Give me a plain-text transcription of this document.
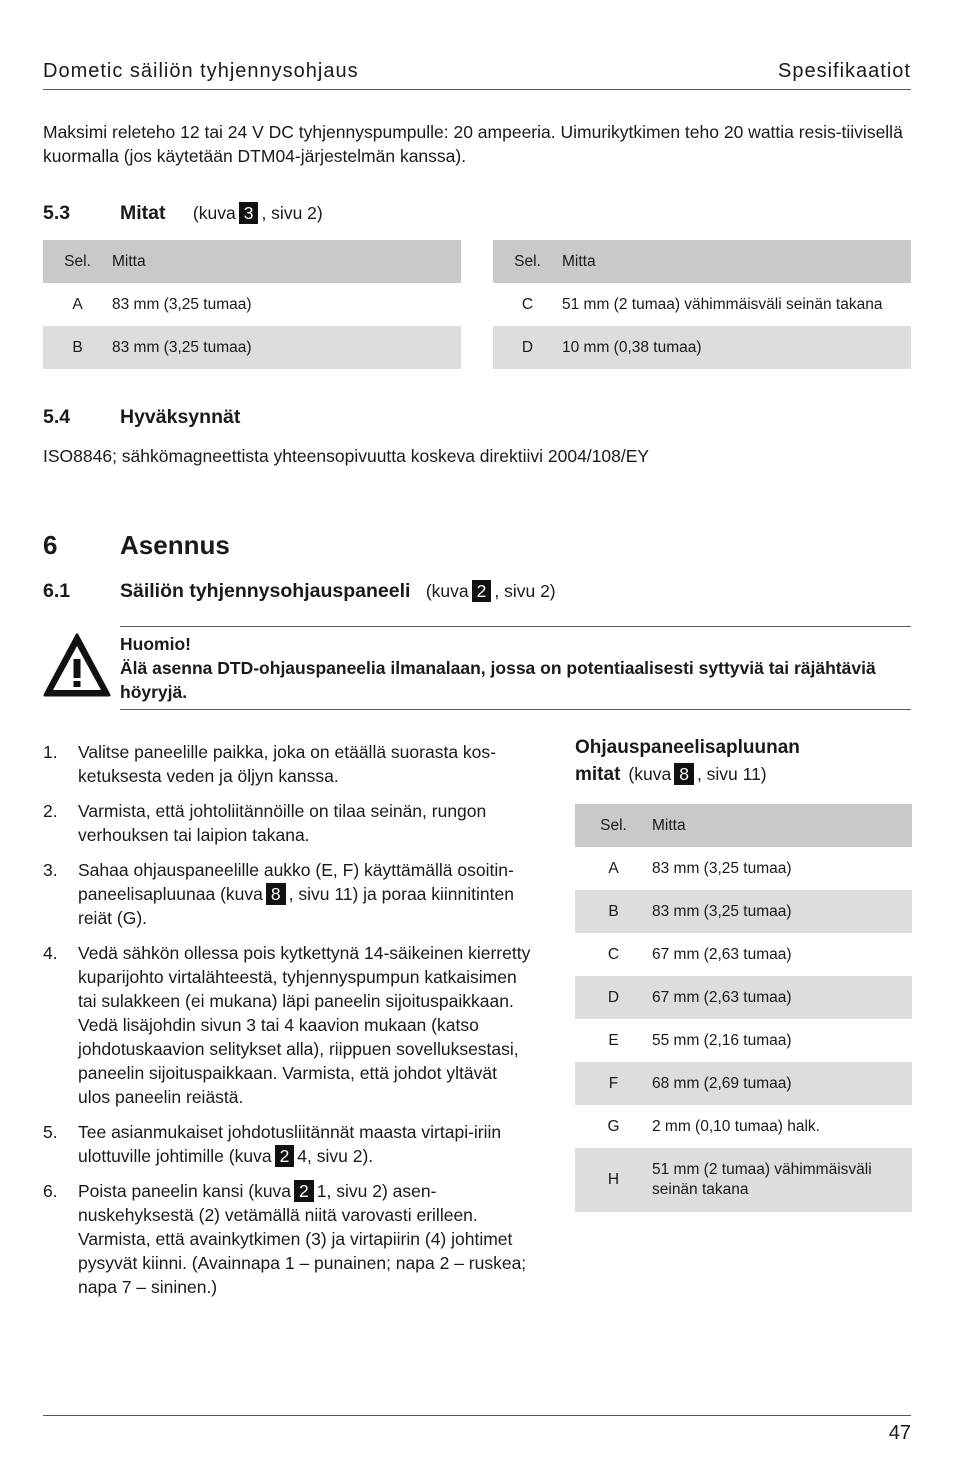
Dometic säiliön tyhjennysohjaus	Spesifikaatiot
Maksimi releteho 12 tai 24 V DC tyhjennyspumpulle: 20 ampeeria. Uimurikytkimen teho 20 wattia resis-tiivisellä kuormalla (jos käytetään DTM04-järjestelmän kanssa).
5.3	Mitat (kuva 3 , sivu 2)
Sel.	Mitta
A	83 mm (3,25 tumaa)
B	83 mm (3,25 tumaa)
Sel.	Mitta
C	51 mm (2 tumaa) vähimmäisväli seinän takana
D	10 mm (0,38 tumaa)
5.4	Hyväksynnät
ISO8846; sähkömagneettista yhteensopivuutta koskeva direktiivi 2004/108/EY
6 Asennus
6.1	Säiliön tyhjennysohjauspaneeli (kuva 2 , sivu 2)
Huomio!
Älä asenna DTD-ohjauspaneelia ilmanalaan, jossa on potentiaalisesti syttyviä tai räjähtäviä höyryjä.
1. Valitse paneelille paikka, joka on etäällä suorasta kos-ketuksesta veden ja öljyn kanssa.
2. Varmista, että johtoliitännöille on tilaa seinän, rungon verhouksen tai laipion takana.
3. Sahaa ohjauspaneelille aukko (E, F) käyttämällä osoitin-paneelisapluunaa (kuva 8 , sivu 11) ja poraa kiinnitinten reiät (G).
4. Vedä sähkön ollessa pois kytkettynä 14-säikeinen kierretty kuparijohto virtalähteestä, tyhjennyspumpun katkaisimen tai sulakkeen (ei mukana) läpi paneelin sijoituspaikkaan. Vedä lisäjohdin sivun 3 tai 4 kaavion mukaan (katso johdotuskaavion selitykset alla), riippuen sovelluksestasi, paneelin sijoituspaikkaan. Varmista, että johdot yltävät ulos paneelin reiästä.
5. Tee asianmukaiset johdotusliitännät maasta virtapi-iriin ulottuville johtimille (kuva 2 4, sivu 2).
6. Poista paneelin kansi (kuva 2 1, sivu 2) asen-nuskehyksestä (2) vetämällä niitä varovasti erilleen. Varmista, että avainkytkimen (3) ja virtapiirin (4) johtimet pysyvät kiinni. (Avainnapa 1 – punainen; napa 2 – ruskea; napa 7 – sininen.)
Ohjauspaneelisapluunan
mitat (kuva 8 , sivu 11)
Sel.	Mitta
A	83 mm (3,25 tumaa)
B	83 mm (3,25 tumaa)
C	67 mm (2,63 tumaa)
D	67 mm (2,63 tumaa)
E	55 mm (2,16 tumaa)
F	68 mm (2,69 tumaa)
G	2 mm (0,10 tumaa) halk.
H	51 mm (2 tumaa) vähimmäisväli seinän takana
47
